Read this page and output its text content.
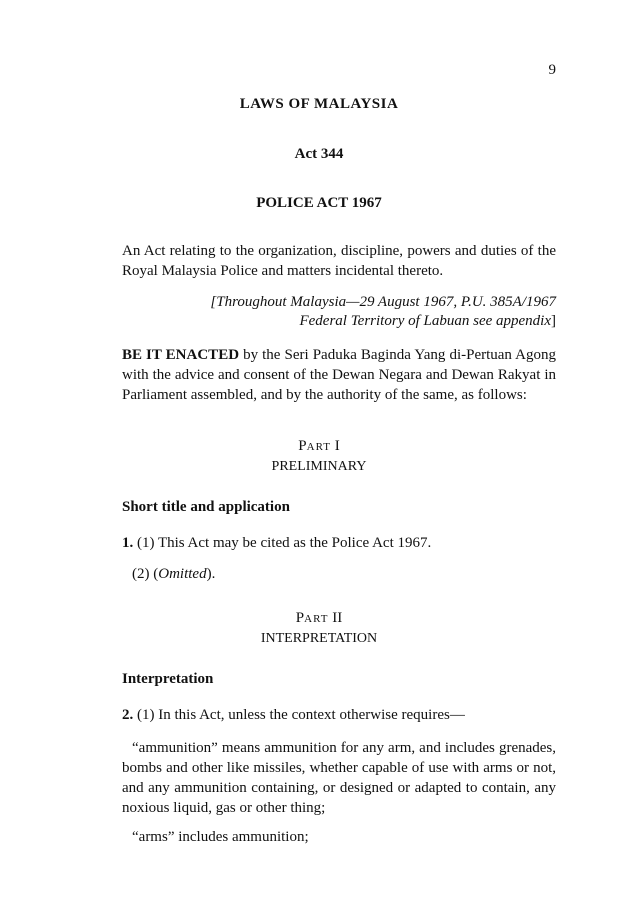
9
LAWS OF MALAYSIA
Act 344
POLICE ACT 1967
An Act relating to the organization, discipline, powers and duties of the Royal Malaysia Police and matters incidental thereto.
[Throughout Malaysia—29 August 1967, P.U. 385A/1967
Federal Territory of Labuan see appendix]
BE IT ENACTED by the Seri Paduka Baginda Yang di-Pertuan Agong with the advice and consent of the Dewan Negara and Dewan Rakyat in Parliament assembled, and by the authority of the same, as follows:
PART I
PRELIMINARY
Short title and application
1. (1) This Act may be cited as the Police Act 1967.
(2) (Omitted).
PART II
INTERPRETATION
Interpretation
2. (1) In this Act, unless the context otherwise requires—
“ammunition” means ammunition for any arm, and includes grenades, bombs and other like missiles, whether capable of use with arms or not, and any ammunition containing, or designed or adapted to contain, any noxious liquid, gas or other thing;
“arms” includes ammunition;
